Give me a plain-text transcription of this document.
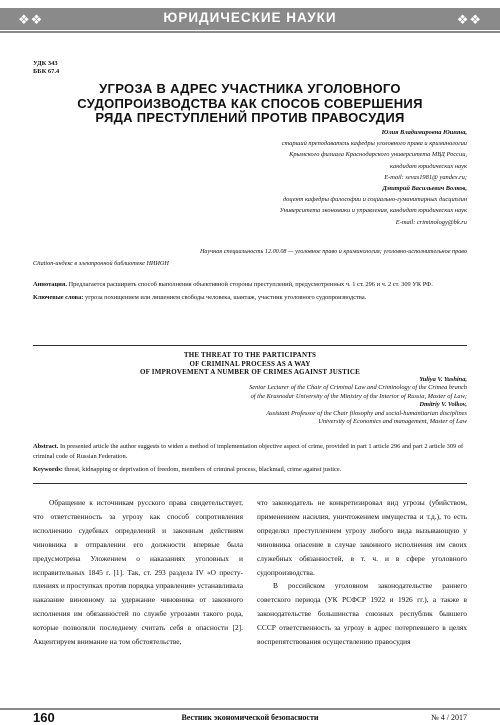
❖❖	ЮРИДИЧЕСКИЕ НАУКИ	❖❖
УДК 343
ББК 67.4
УГРОЗА В АДРЕС УЧАСТНИКА УГОЛОВНОГО
СУДОПРОИЗВОДСТВА КАК СПОСОБ СОВЕРШЕНИЯ
РЯДА ПРЕСТУПЛЕНИЙ ПРОТИВ ПРАВОСУДИЯ
Юлия Владимировна Юшина,
старший преподаватель кафедры уголовного права и криминологии
Крымского филиала Краснодарского университета МВД России,
кандидат юридических наук
E-mail: sevas1981@ yandex.ru;
Дмитрий Васильевич Волков,
доцент кафедры философии и социально-гуманитарных дисциплин
Университета экономики и управления, кандидат юридических наук
E-mail: criminology@bk.ru
Научная специальность 12.00.08 — уголовное право и криминология; уголовно-исполнительное право
Citation-индекс в электронной библиотеке НИИОН

Аннотация. Предлагается расширить способ выполнения объективной стороны преступлений, предусмотренных ч. 1 ст. 296 и ч. 2 ст. 309 УК РФ.

Ключевые слова: угроза похищением или лишением свободы человека, шантаж, участник уголовного судопроизводства.

THE THREAT TO THE PARTICIPANTS
OF CRIMINAL PROCESS AS A WAY
OF IMPROVEMENT A NUMBER OF CRIMES AGAINST JUSTICE
Yuliya V. Yushina,
Senior Lecturer of the Chair of Criminal Law and Criminology of the Crimea branch
of the Krasnodar University of the Ministry of the Interior of Russia, Master of Law;
Dmitriy V. Volkov,
Assistant Professor of the Chair filosophy and social-humanitarian disciplines
University of Economics and management, Master of Law

Abstract. In presented article the author suggests to widen a method of implementation objective aspect of crime, provided in part 1 article 296 and part 2 article 309 of criminal code of Russian Federation.

Keywords: threat, kidnapping or deprivation of freedom, members of criminal process, blackmail, crime against justice.

Обращение к источникам русского права свидетельствует, что ответственность за угрозу как способ сопротивления исполнению судебных определений и законным действиям чиновника в отправлении его должности впервые была предусмотрена Уложением о наказаниях уголовных и исправительных 1845 г. [1]. Так, ст. 293 раздела IV «О преступлениях и проступках против порядка управления» устанавливала наказание виновному за удержание чиновника от законного исполнения им обязанностей по службе угрозами такого рода, которые позволяли последнему считать себя в опасности [2]. Акцентируем внимание на том обстоятельстве,
что законодатель не конкретизировал вид угрозы (убийством, применением насилия, уничтожением имущества и т.д.), то есть определял преступлением угрозу любого вида вызывающую у чиновника опасение в случае законного исполнения им своих служебных обязанностей, в т. ч. и в сфере уголовного судопроизводства.
В российском уголовном законодательстве раннего советского периода (УК РСФСР 1922 и 1926 гг.), а также в законодательстве большинства союзных республик бывшего СССР ответственность за угрозу в адрес потерпевшего в целях воспрепятствования осуществлению правосудия
160	Вестник экономической безопасности	№ 4 / 2017
